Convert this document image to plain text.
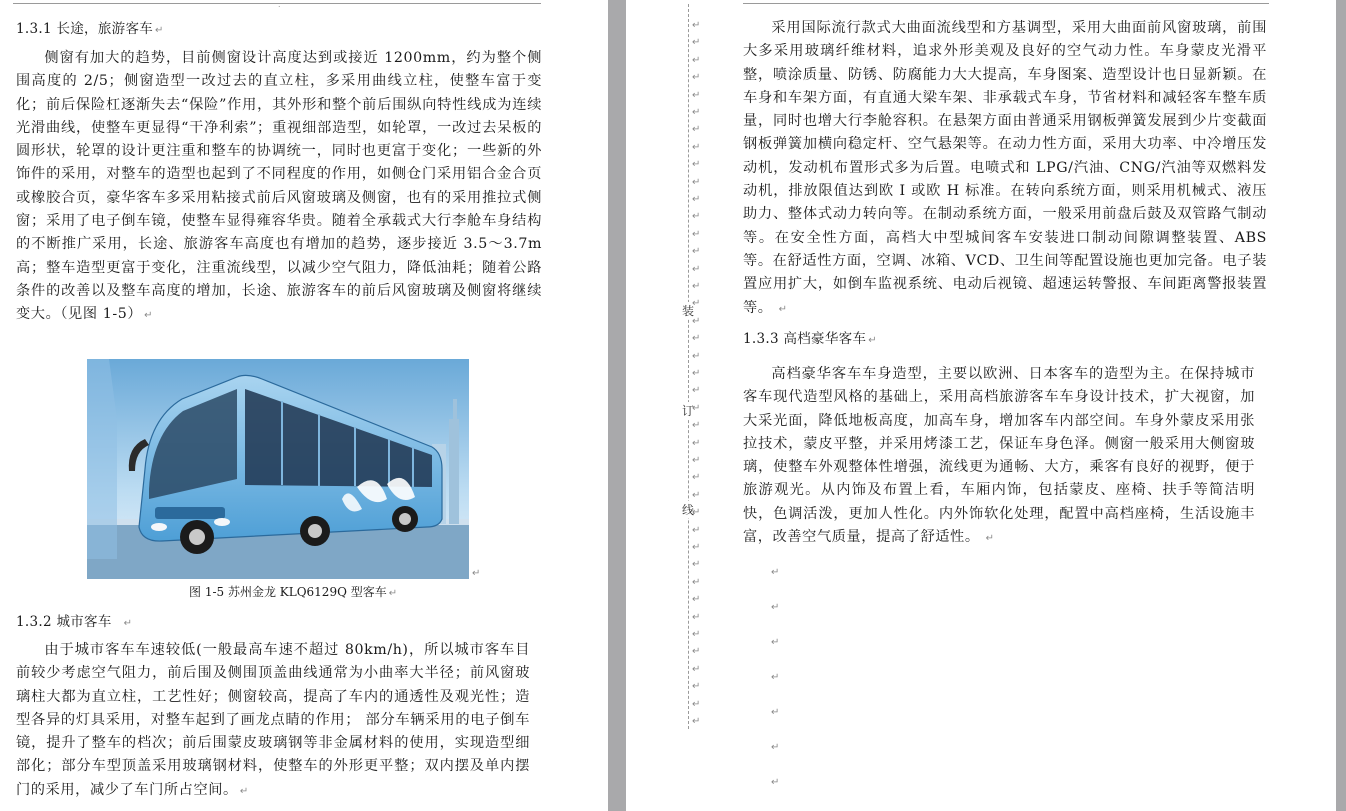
˙
1.3.1 长途，旅游客车 ↵

侧窗有加大的趋势，目前侧窗设计高度达到或接近 1200mm，约为整个侧围高度的 2/5；侧窗造型一改过去的直立柱，多采用曲线立柱，使整车富于变化；前后保险杠逐渐失去“保险”作用，其外形和整个前后围纵向特性线成为连续光滑曲线，使整车更显得“干净利索”；重视细部造型，如轮罩，一改过去呆板的圆形状，轮罩的设计更注重和整车的协调统一，同时也更富于变化；一些新的外饰件的采用，对整车的造型也起到了不同程度的作用，如侧仓门采用铝合金合页或橡胶合页，豪华客车多采用粘接式前后风窗玻璃及侧窗，也有的采用推拉式侧窗；采用了电子倒车镜，使整车显得雍容华贵。随着全承载式大行李舱车身结构的不断推广采用，长途、旅游客车高度也有增加的趋势，逐步接近 3.5～3.7m 高；整车造型更富于变化，注重流线型，以减少空气阻力，降低油耗；随着公路条件的改善以及整车高度的增加，长途、旅游客车的前后风窗玻璃及侧窗将继续变大。（见图 1-5） ↵

↵
图 1-5 苏州金龙 KLQ6129Q 型客车 ↵
1.3.2 城市客车 ↵

由于城市客车车速较低(一般最高车速不超过 80km/h)，所以城市客车目前较少考虑空气阻力，前后围及侧围顶盖曲线通常为小曲率大半径；前风窗玻璃柱大都为直立柱，工艺性好；侧窗较高，提高了车内的通透性及观光性；造型各异的灯具采用，对整车起到了画龙点睛的作用； 部分车辆采用的电子倒车镜，提升了整车的档次；前后围蒙皮玻璃钢等非金属材料的使用，实现造型细部化；部分车型顶盖采用玻璃钢材料，使整车的外形更平整；双内摆及单内摆门的采用，减少了车门所占空间。 ↵

装
订
线
↵
↵
↵
↵
↵
↵
↵
↵
↵
↵
↵
↵
↵
↵
↵
↵
↵
↵
↵
↵
↵
↵
↵
↵
↵
↵
↵
↵
↵
↵
↵
↵
↵
↵
↵
↵
↵
↵
↵
↵
↵

采用国际流行款式大曲面流线型和方基调型，采用大曲面前风窗玻璃，前围大多采用玻璃纤维材料，追求外形美观及良好的空气动力性。车身蒙皮光滑平整，喷涂质量、防锈、防腐能力大大提高，车身图案、造型设计也日显新颖。在车身和车架方面，有直通大梁车架、非承载式车身，节省材料和减轻客车整车质量，同时也增大行李舱容积。在悬架方面由普通采用钢板弹簧发展到少片变截面钢板弹簧加横向稳定杆、空气悬架等。在动力性方面，采用大功率、中冷增压发动机，发动机布置形式多为后置。电喷式和 LPG/汽油、CNG/汽油等双燃料发动机，排放限值达到欧 I 或欧 H 标准。在转向系统方面，则采用机械式、液压助力、整体式动力转向等。在制动系统方面，一般采用前盘后鼓及双管路气制动等。在安全性方面，高档大中型城间客车安装进口制动间隙调整装置、ABS 等。在舒适性方面，空调、冰箱、VCD、卫生间等配置设施也更加完备。电子装置应用扩大，如倒车监视系统、电动后视镜、超速运转警报、车间距离警报装置等。 ↵

1.3.3 高档豪华客车 ↵

高档豪华客车车身造型，主要以欧洲、日本客车的造型为主。在保持城市客车现代造型风格的基础上，采用高档旅游客车车身设计技术，扩大视窗，加大采光面，降低地板高度，加高车身，增加客车内部空间。车身外蒙皮采用张拉技术，蒙皮平整，并采用烤漆工艺，保证车身色泽。侧窗一般采用大侧窗玻璃，使整车外观整体性增强，流线更为通畅、大方，乘客有良好的视野，便于旅游观光。从内饰及布置上看，车厢内饰，包括蒙皮、座椅、扶手等简洁明快，色调活泼，更加人性化。内外饰软化处理，配置中高档座椅，生活设施丰富，改善空气质量，提高了舒适性。 ↵

↵
↵
↵
↵
↵
↵
↵
